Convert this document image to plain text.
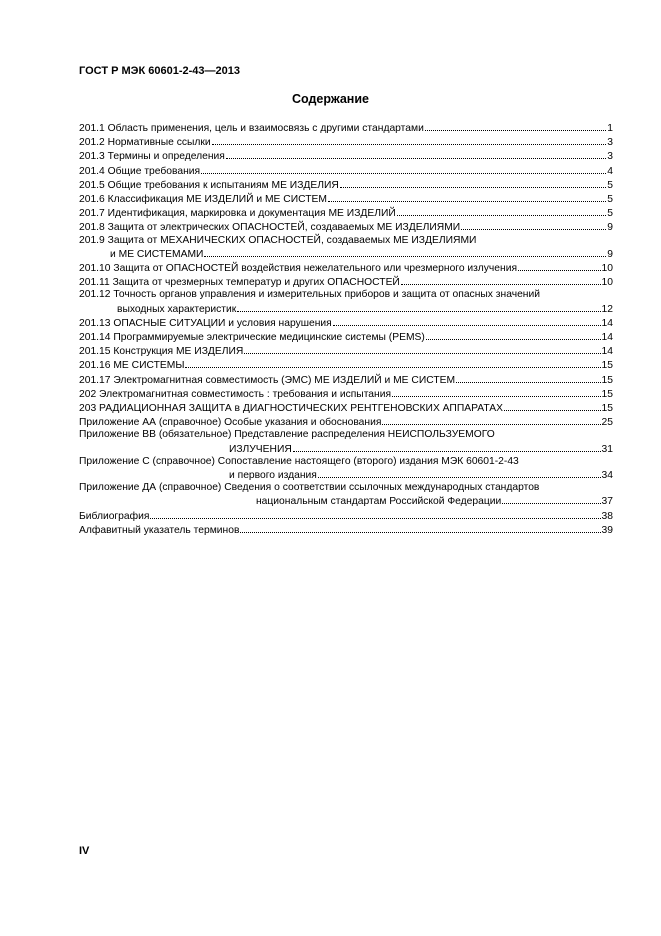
ГОСТ Р МЭК 60601-2-43—2013
Содержание
201.1 Область применения, цель и взаимосвязь с другими стандартами	1
201.2 Нормативные ссылки	3
201.3 Термины и определения	3
201.4 Общие требования	4
201.5 Общие требования к испытаниям МЕ ИЗДЕЛИЯ	5
201.6 Классификация МЕ ИЗДЕЛИЙ и МЕ СИСТЕМ	5
201.7 Идентификация, маркировка и документация МЕ ИЗДЕЛИЙ	5
201.8 Защита от электрических ОПАСНОСТЕЙ, создаваемых МЕ ИЗДЕЛИЯМИ	9
201.9 Защита от МЕХАНИЧЕСКИХ ОПАСНОСТЕЙ, создаваемых МЕ ИЗДЕЛИЯМИ
и МЕ СИСТЕМАМИ	9
201.10 Защита от ОПАСНОСТЕЙ воздействия нежелательного или чрезмерного излучения	10
201.11 Защита от чрезмерных температур и других ОПАСНОСТЕЙ	10
201.12 Точность органов управления и измерительных приборов и защита от опасных значений
выходных характеристик	12
201.13 ОПАСНЫЕ СИТУАЦИИ и условия нарушения	14
201.14 Программируемые электрические медицинские системы (PEMS)	14
201.15 Конструкция МЕ ИЗДЕЛИЯ	14
201.16 МЕ СИСТЕМЫ	15
201.17 Электромагнитная совместимость (ЭМС) МЕ ИЗДЕЛИЙ и МЕ СИСТЕМ	15
202 Электромагнитная совместимость : требования и испытания	15
203 РАДИАЦИОННАЯ ЗАЩИТА в ДИАГНОСТИЧЕСКИХ РЕНТГЕНОВСКИХ АППАРАТАХ	15
Приложение АА (справочное) Особые указания и обоснования	25
Приложение ВВ (обязательное) Представление распределения НЕИСПОЛЬЗУЕМОГО
ИЗЛУЧЕНИЯ	31
Приложение С (справочное) Сопоставление настоящего (второго) издания МЭК 60601-2-43
и первого издания	34
Приложение ДА (справочное) Сведения о соответствии ссылочных международных стандартов
национальным стандартам Российской Федерации	37
Библиография	38
Алфавитный указатель терминов	39
IV
